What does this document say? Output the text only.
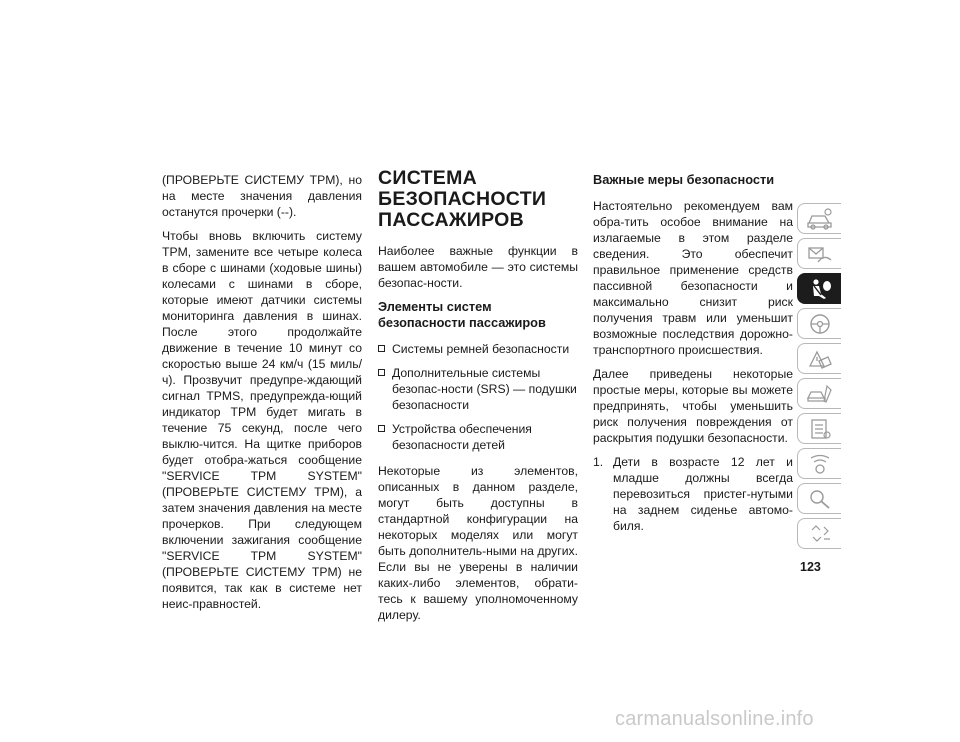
(ПРОВЕРЬТЕ СИСТЕМУ TPM), но на месте значения давления останутся прочерки (--).

Чтобы вновь включить систему TPM, замените все четыре колеса в сборе с шинами (ходовые шины) колесами с шинами в сборе, которые имеют датчики системы мониторинга давления в шинах. После этого продолжайте движение в течение 10 минут со скоростью выше 24 км/ч (15 миль/ч). Прозвучит предупре-ждающий сигнал TPMS, предупрежда-ющий индикатор TPM будет мигать в течение 75 секунд, после чего выклю-чится. На щитке приборов будет отобра-жаться сообщение "SERVICE TPM SYSTEM" (ПРОВЕРЬТЕ СИСТЕМУ TPM), а затем значения давления на месте прочерков. При следующем включении зажигания сообщение "SERVICE TPM SYSTEM" (ПРОВЕРЬТЕ СИСТЕМУ TPM) не появится, так как в системе нет неис-правностей.

СИСТЕМА
БЕЗОПАСНОСТИ
ПАССАЖИРОВ

Наиболее важные функции в вашем автомобиле — это системы безопас-ности.

Элементы систем безопасности пассажиров
Системы ремней безопасности
Дополнительные системы безопас-ности (SRS) — подушки безопасности
Устройства обеспечения безопасности детей

Некоторые из элементов, описанных в данном разделе, могут быть доступны в стандартной конфигурации на некоторых моделях или могут быть дополнитель-ными на других. Если вы не уверены в наличии каких-либо элементов, обрати-тесь к вашему уполномоченному дилеру.

Важные меры безопасности

Настоятельно рекомендуем вам обра-тить особое внимание на излагаемые в этом разделе сведения. Это обеспечит правильное применение средств пассивной безопасности и максимально снизит риск получения травм или уменьшит возможные последствия дорожно-транспортного происшествия.

Далее приведены некоторые простые меры, которые вы можете предпринять, чтобы уменьшить риск получения повреждения от раскрытия подушки безопасности.

1. Дети в возрасте 12 лет и младше должны всегда перевозиться пристег-нутыми на заднем сиденье автомо-биля.
123
carmanualsonline.info
